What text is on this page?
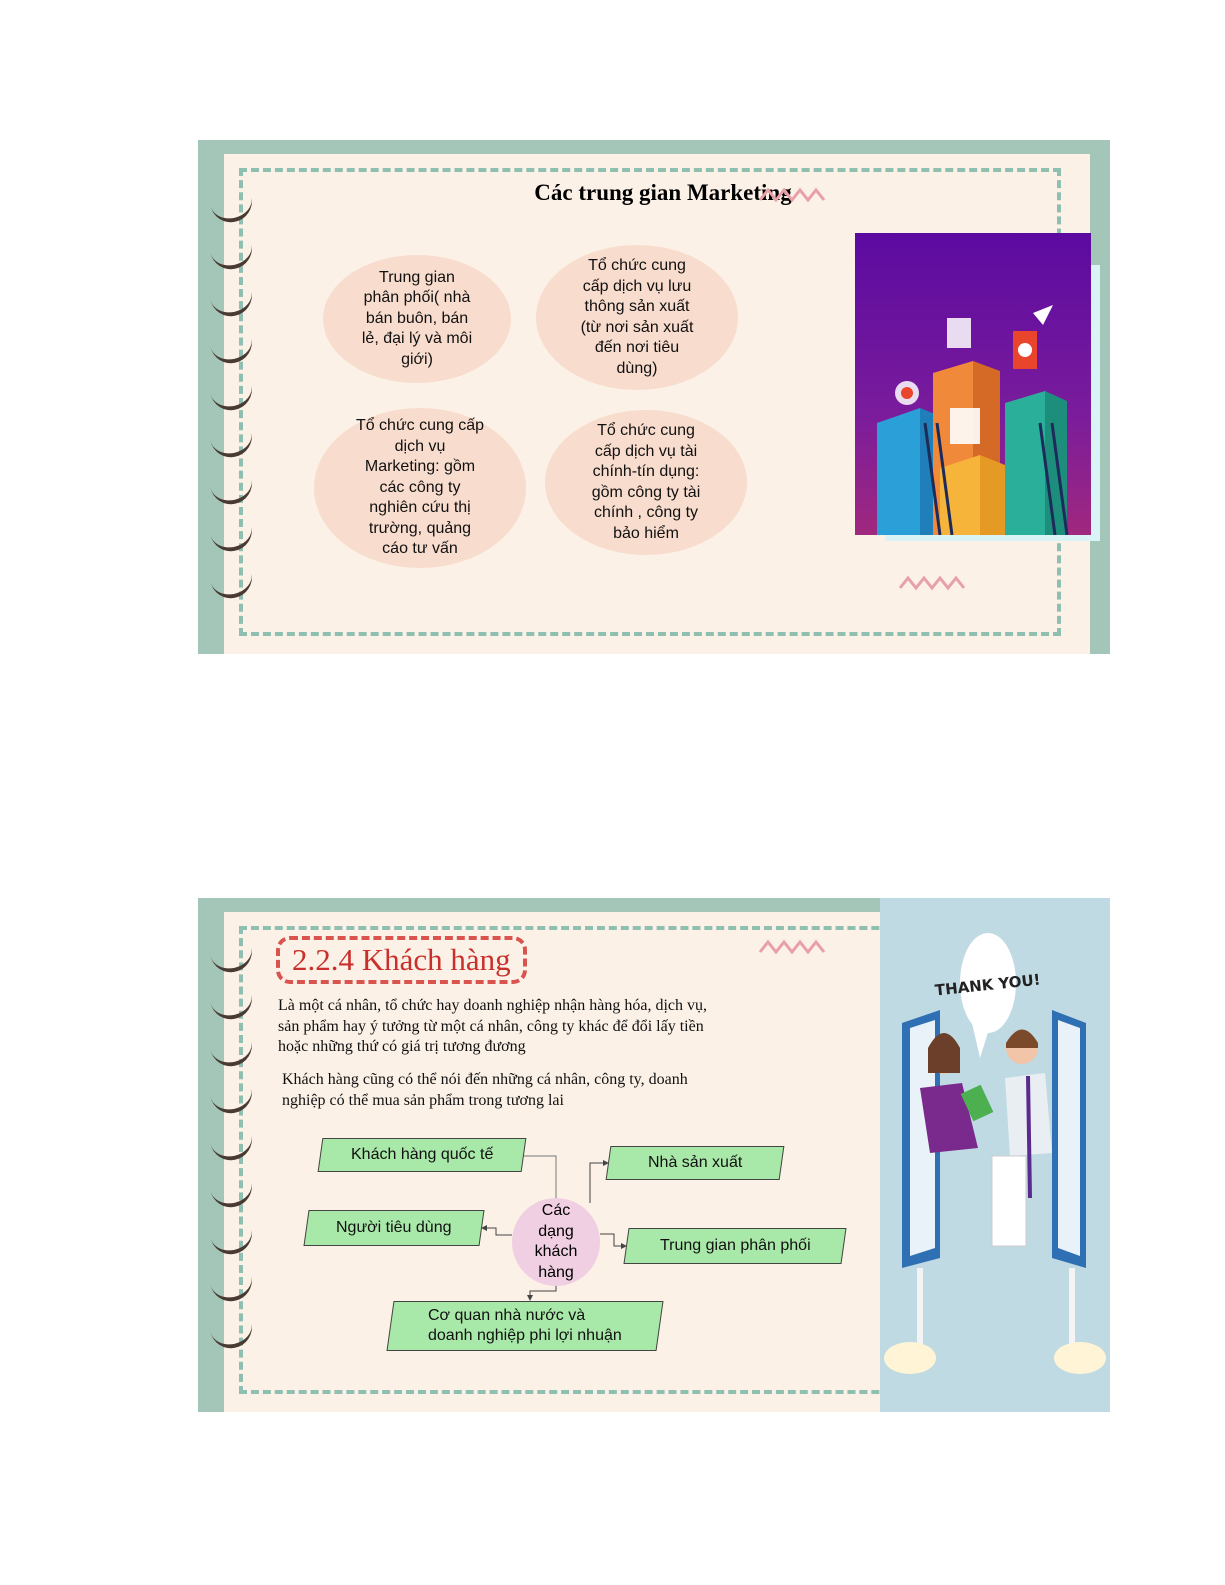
Các trung gian Marketing
Trung gian
phân phối( nhà
bán buôn, bán
lẻ, đại lý và môi
giới)
Tổ chức cung
cấp dịch vụ lưu
thông sản xuất
(từ nơi sản xuất
đến nơi tiêu
dùng)
Tổ chức cung cấp
dịch vụ
Marketing: gồm
các công ty
nghiên cứu thị
trường, quảng
cáo tư vấn
Tổ chức cung
cấp dịch vụ tài
chính-tín dụng:
gồm công ty tài
chính , công ty
bảo hiểm
2.2.4 Khách hàng
Là một cá nhân, tổ chức hay doanh nghiệp nhận hàng hóa, dịch vụ,
sản phẩm hay ý tưởng từ một cá nhân, công ty khác để đổi lấy tiền
hoặc những thứ có giá trị tương đương
Khách hàng cũng có thể nói đến những cá nhân, công ty, doanh
nghiệp có thể mua sản phẩm trong tương lai
Khách hàng quốc tế	Nhà sản xuất
Người tiêu dùng
Trung gian phân phối
Cơ quan nhà nước và
doanh nghiệp phi lợi nhuận
Các
dạng
khách
hàng
THANK YOU!
